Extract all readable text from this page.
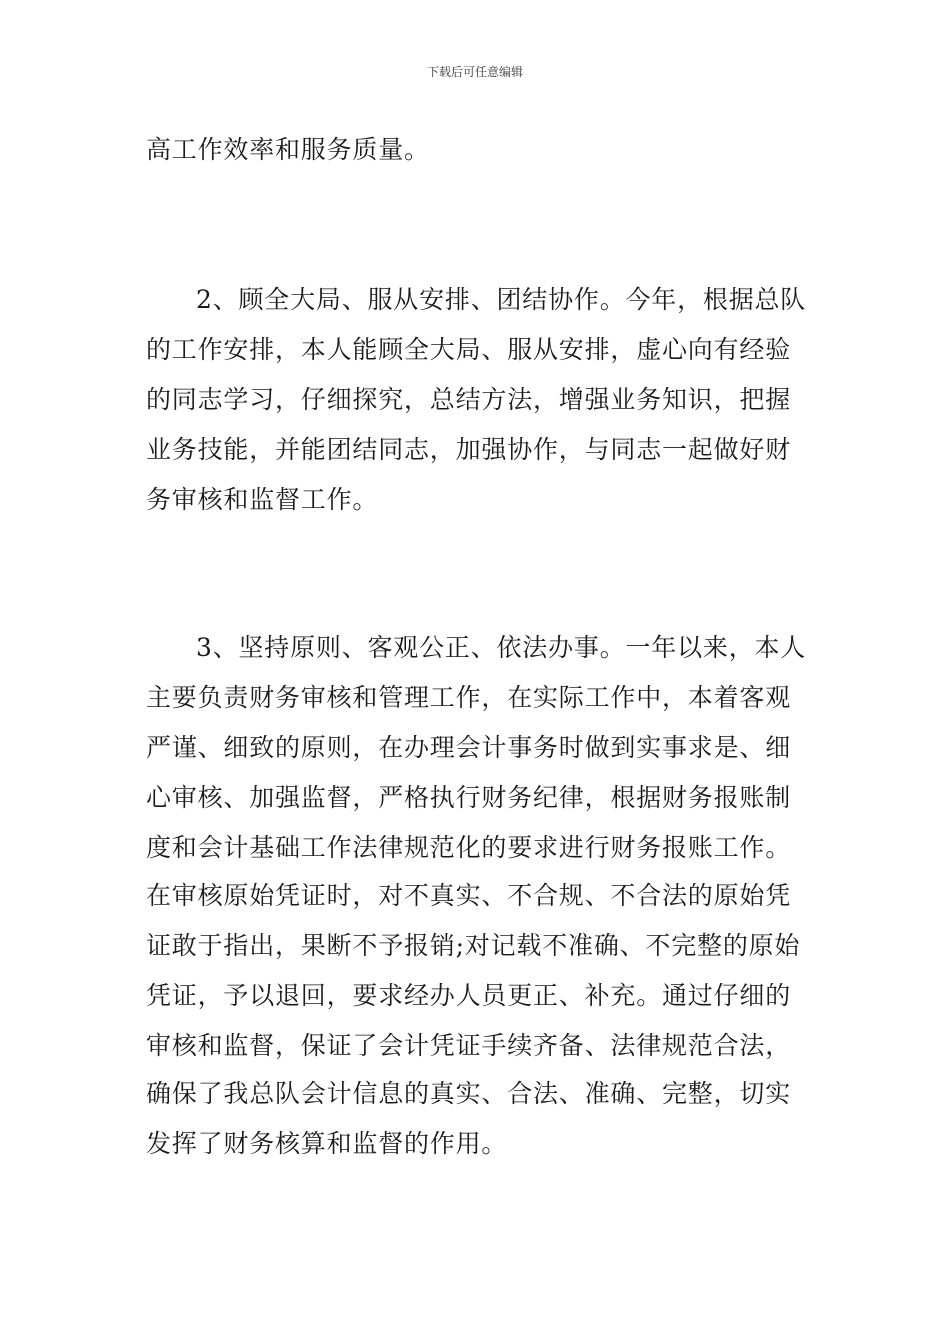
下载后可任意编辑
高工作效率和服务质量。
2、顾全大局、服从安排、团结协作。今年，根据总队
的工作安排，本人能顾全大局、服从安排，虚心向有经验
的同志学习，仔细探究，总结方法，增强业务知识，把握
业务技能，并能团结同志，加强协作，与同志一起做好财
务审核和监督工作。
3、坚持原则、客观公正、依法办事。一年以来，本人
主要负责财务审核和管理工作，在实际工作中，本着客观
严谨、细致的原则，在办理会计事务时做到实事求是、细
心审核、加强监督，严格执行财务纪律，根据财务报账制
度和会计基础工作法律规范化的要求进行财务报账工作。
在审核原始凭证时，对不真实、不合规、不合法的原始凭
证敢于指出，果断不予报销;对记载不准确、不完整的原始
凭证，予以退回，要求经办人员更正、补充。通过仔细的
审核和监督，保证了会计凭证手续齐备、法律规范合法，
确保了我总队会计信息的真实、合法、准确、完整，切实
发挥了财务核算和监督的作用。
